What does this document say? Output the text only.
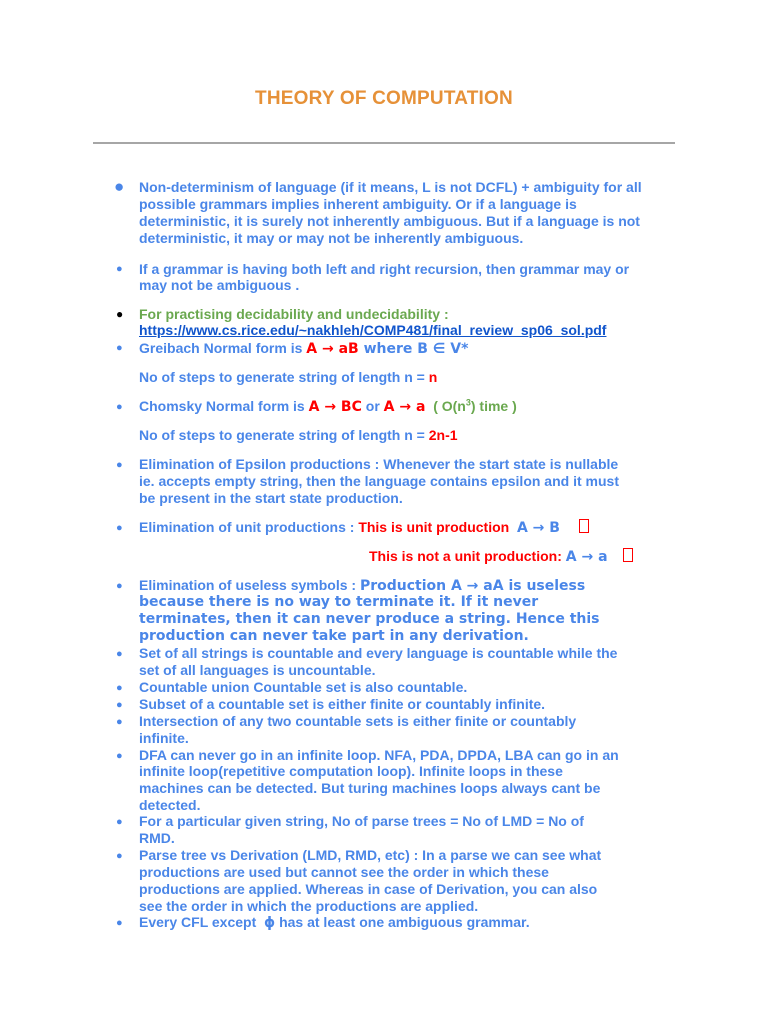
THEORY OF COMPUTATION
● Non-determinism of language (if it means, L is not DCFL) + ambiguity for all
possible grammars implies inherent ambiguity. Or if a language is
deterministic, it is surely not inherently ambiguous. But if a language is not
deterministic, it may or may not be inherently ambiguous.
● If a grammar is having both left and right recursion, then grammar may or
may not be ambiguous .
● For practising decidability and undecidability :
https://www.cs.rice.edu/~nakhleh/COMP481/final_review_sp06_sol.pdf
● Greibach Normal form is A → aB where B ∈ V*
No of steps to generate string of length n = n
● Chomsky Normal form is A → BC or A → a ( $O(n^3)$ time )
No of steps to generate string of length n = 2n-1
● Elimination of Epsilon productions : Whenever the start state is nullable
ie. accepts empty string, then the language contains epsilon and it must
be present in the start state production.
● Elimination of unit productions : This is unit production  A → B
This is not a unit production: A → a
● Elimination of useless symbols : Production A → aA is useless
because there is no way to terminate it. If it never
terminates, then it can never produce a string. Hence this
production can never take part in any derivation.
● Set of all strings is countable and every language is countable while the
set of all languages is uncountable.
● Countable union Countable set is also countable.
● Subset of a countable set is either finite or countably infinite.
● Intersection of any two countable sets is either finite or countably
infinite.
● DFA can never go in an infinite loop. NFA, PDA, DPDA, LBA can go in an
infinite loop(repetitive computation loop). Infinite loops in these
machines can be detected. But turing machines loops always cant be
detected.
● For a particular given string, No of parse trees = No of LMD = No of
RMD.
● Parse tree vs Derivation (LMD, RMD, etc) : In a parse we can see what
productions are used but cannot see the order in which these
productions are applied. Whereas in case of Derivation, you can also
see the order in which the productions are applied.
● Every CFL except  ϕ has at least one ambiguous grammar.
